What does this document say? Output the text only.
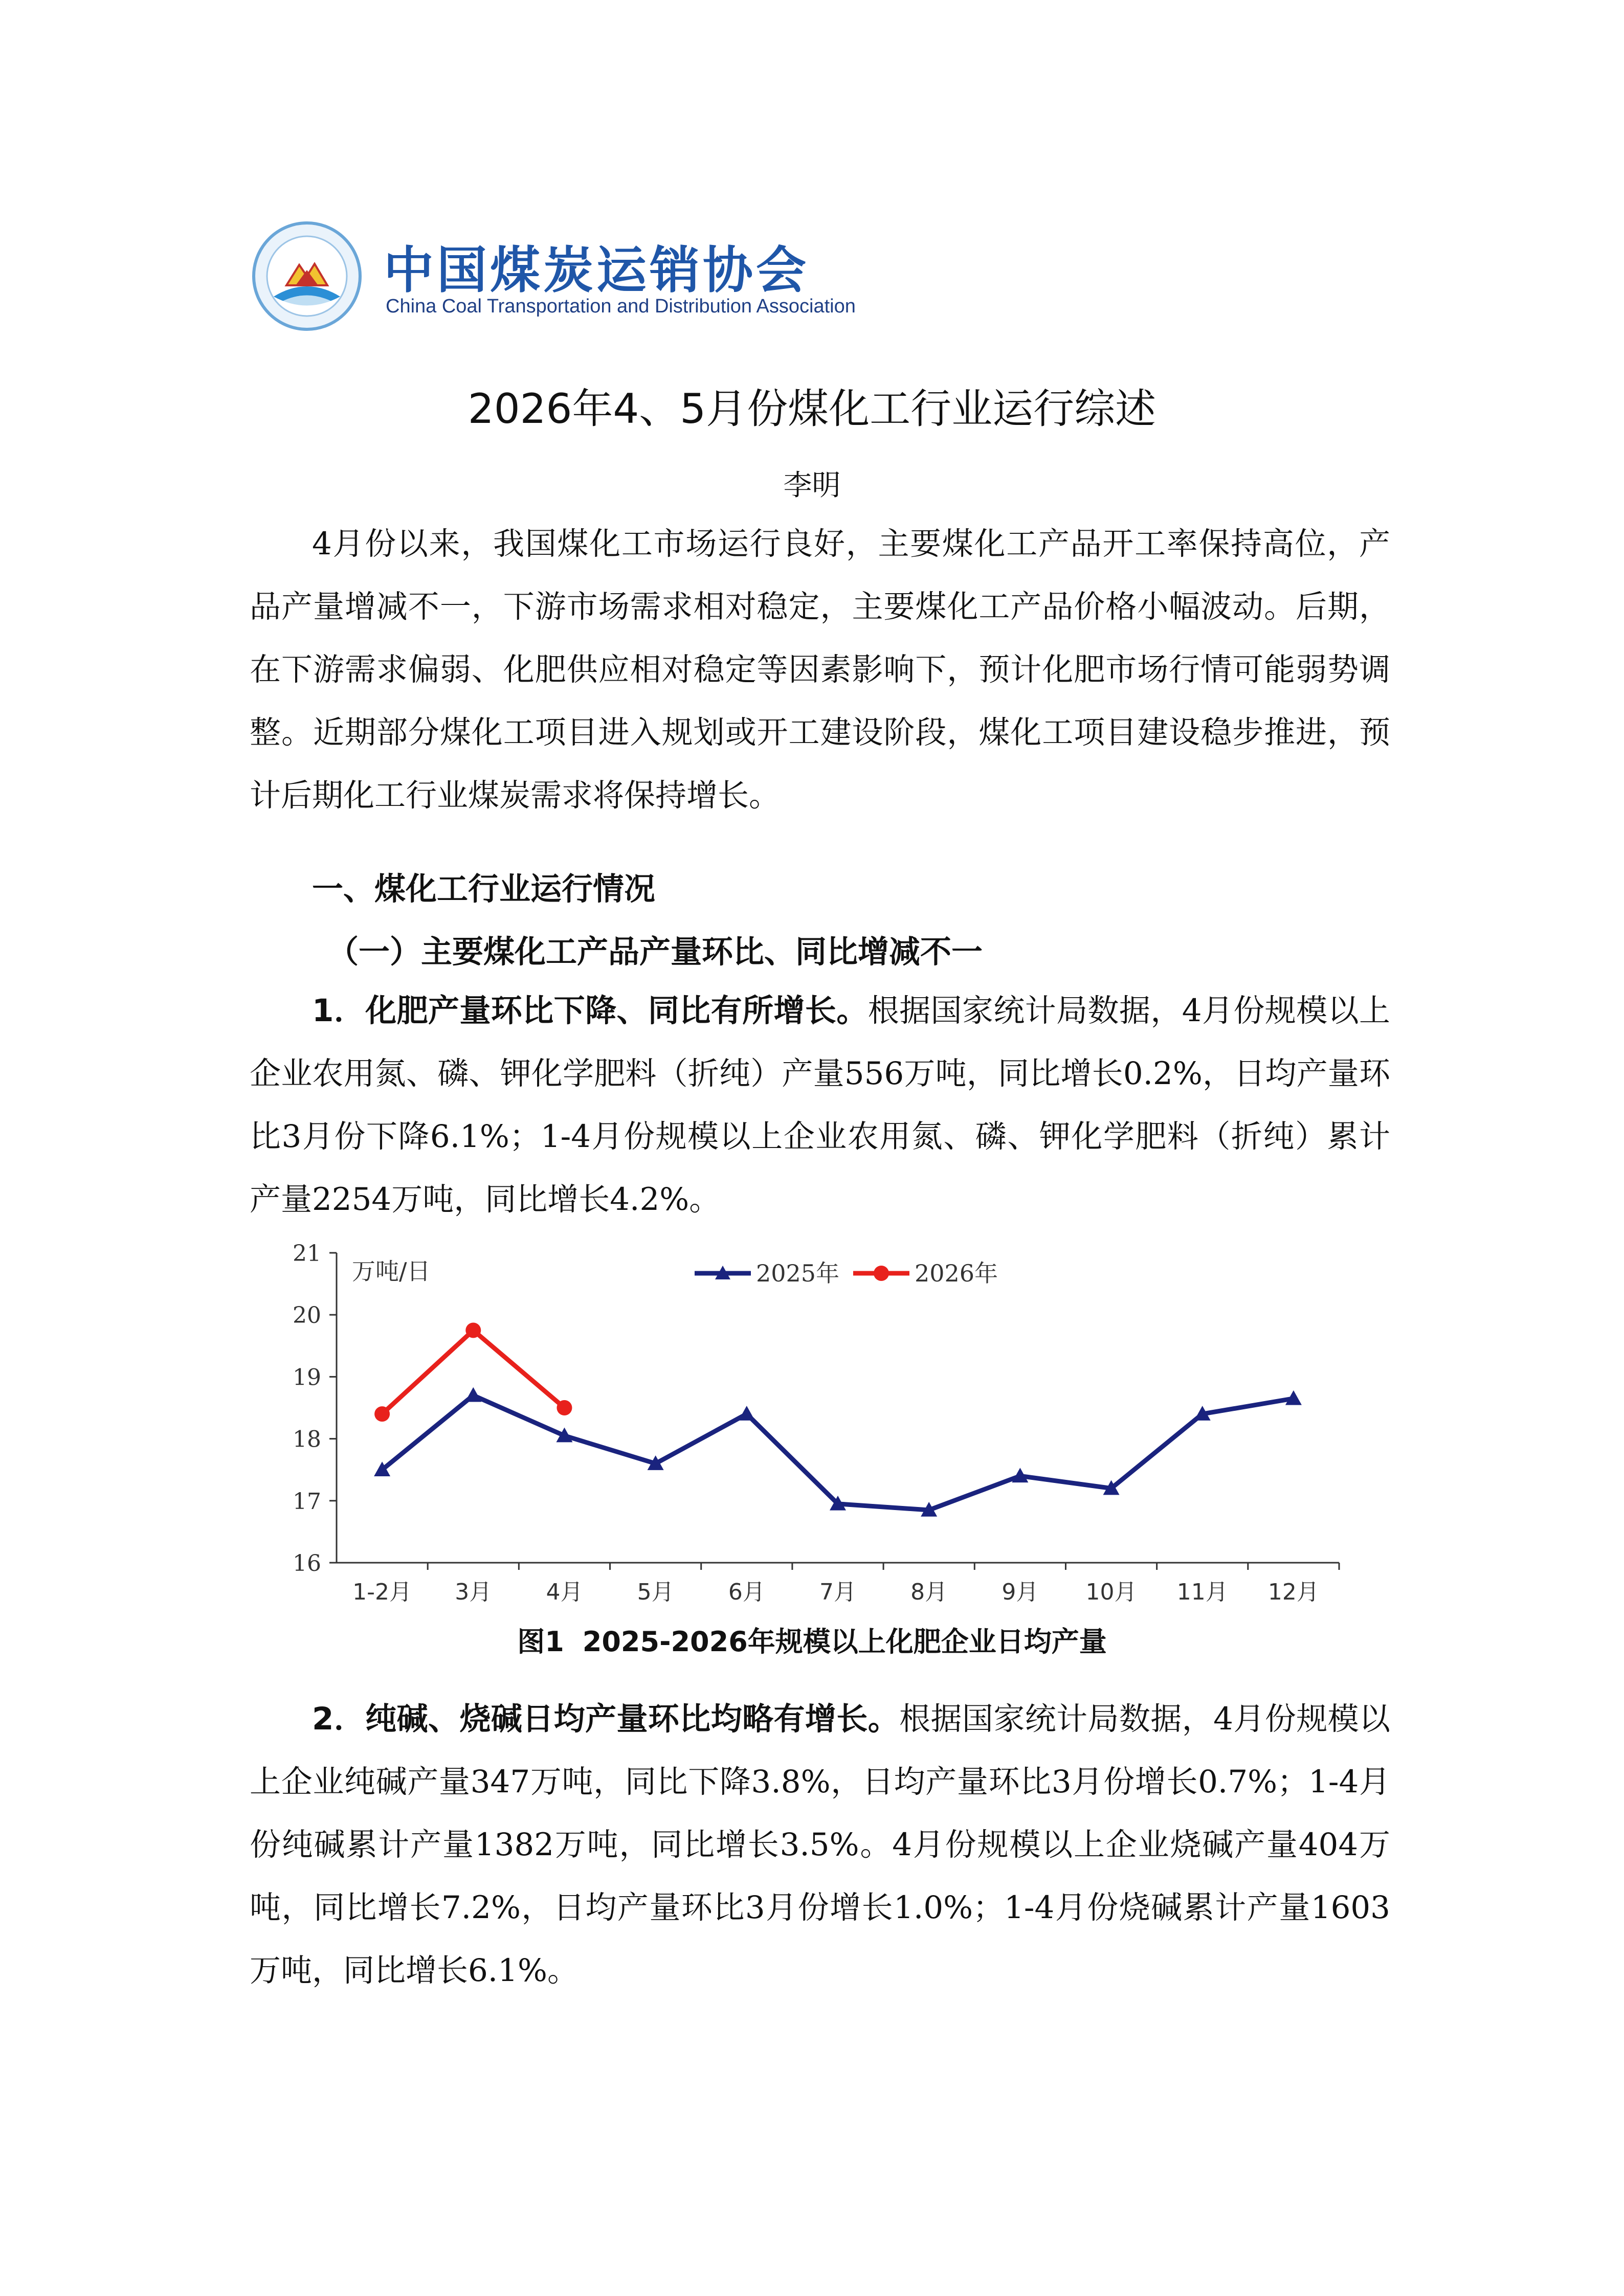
中国煤炭运销协会
China Coal Transportation and Distribution Association
2026年4、5月份煤化工行业运行综述
李明

4月份以来，我国煤化工市场运行良好，主要煤化工产品开工率保持高位，产品产量增减不一，下游市场需求相对稳定，主要煤化工产品价格小幅波动。后期，在下游需求偏弱、化肥供应相对稳定等因素影响下，预计化肥市场行情可能弱势调整。近期部分煤化工项目进入规划或开工建设阶段，煤化工项目建设稳步推进，预计后期化工行业煤炭需求将保持增长。

一、煤化工行业运行情况
（一）主要煤化工产品产量环比、同比增减不一

1．化肥产量环比下降、同比有所增长。根据国家统计局数据，4月份规模以上企业农用氮、磷、钾化学肥料（折纯）产量556万吨，同比增长0.2%，日均产量环比3月份下降6.1%；1-4月份规模以上企业农用氮、磷、钾化学肥料（折纯）累计产量2254万吨，同比增长4.2%。

16
17
18
19
20
21
1-2月 3月 4月 5月 6月 7月 8月 9月 10月 11月 12月
万吨/日	2025年	2026年
图1 2025-2026年规模以上化肥企业日均产量

2．纯碱、烧碱日均产量环比均略有增长。根据国家统计局数据，4月份规模以上企业纯碱产量347万吨，同比下降3.8%，日均产量环比3月份增长0.7%；1-4月份纯碱累计产量1382万吨，同比增长3.5%。4月份规模以上企业烧碱产量404万吨，同比增长7.2%，日均产量环比3月份增长1.0%；1-4月份烧碱累计产量1603万吨，同比增长6.1%。
